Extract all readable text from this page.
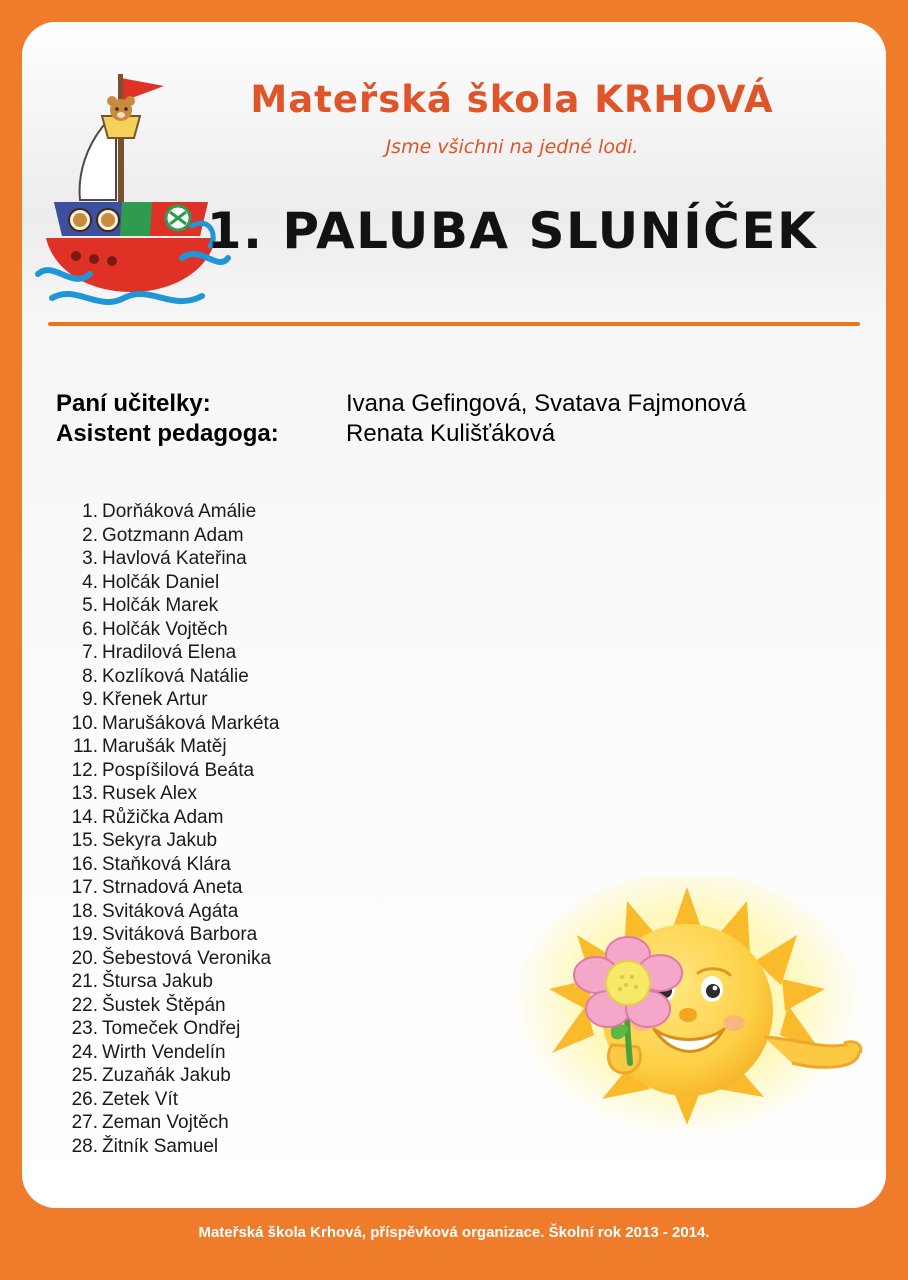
Mateřská škola KRHOVÁ
Jsme všichni na jedné lodi.
1. PALUBA SLUNÍČEK
Paní učitelky:	Ivana Gefingová, Svatava Fajmonová
Asistent pedagoga:	Renata Kulišťáková
1. Dorňáková Amálie
2. Gotzmann Adam
3. Havlová Kateřina
4. Holčák Daniel
5. Holčák Marek
6. Holčák Vojtěch
7. Hradilová Elena
8. Kozlíková Natálie
9. Křenek Artur
10. Marušáková Markéta
11. Marušák Matěj
12. Pospíšilová Beáta
13. Rusek Alex
14. Růžička Adam
15. Sekyra Jakub
16. Staňková Klára
17. Strnadová Aneta
18. Svitáková Agáta
19. Svitáková Barbora
20. Šebestová Veronika
21. Štursa Jakub
22. Šustek Štěpán
23. Tomeček Ondřej
24. Wirth Vendelín
25. Zuzaňák Jakub
26. Zetek Vít
27. Zeman Vojtěch
28. Žitník Samuel
Mateřská škola Krhová, příspěvková organizace. Školní rok 2013 - 2014.
